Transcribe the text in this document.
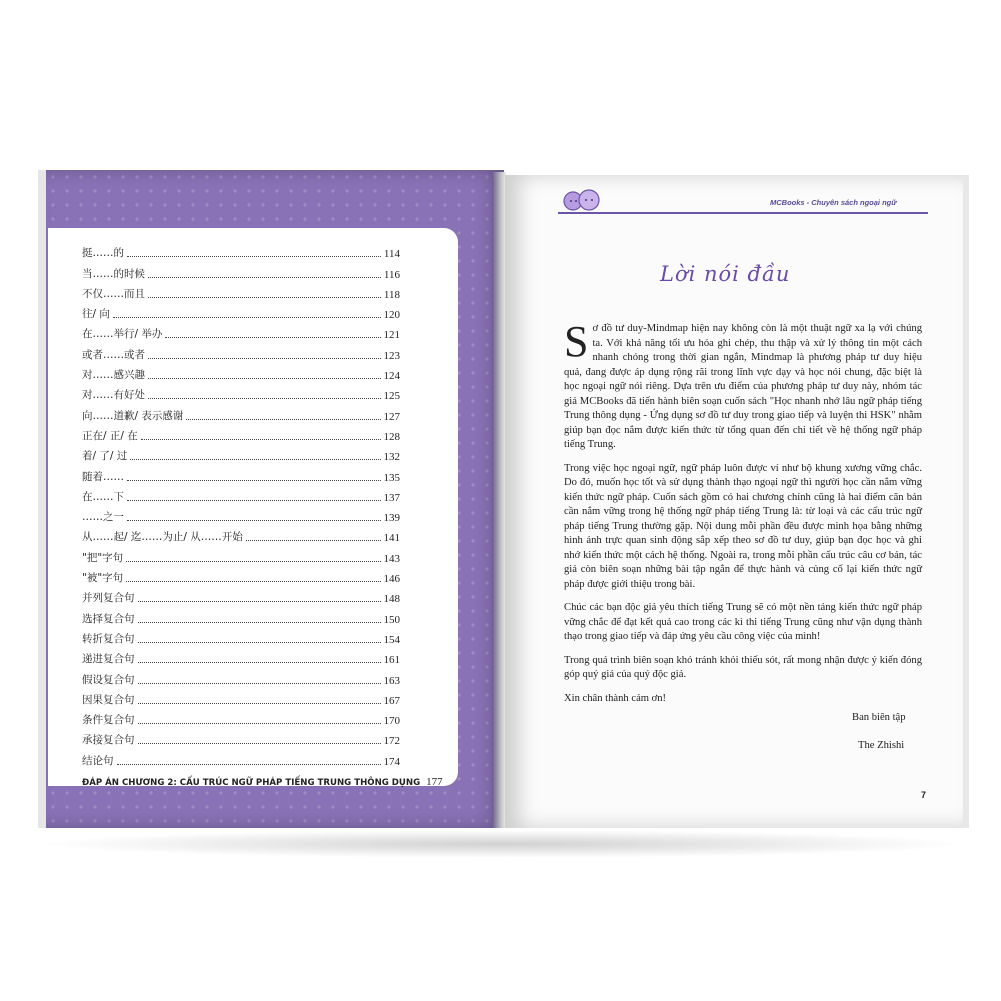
挺……的	114
当……的时候	116
不仅……而且	118
往/ 向	120
在……举行/ 举办	121
或者……或者	123
对……感兴趣	124
对……有好处	125
向……道歉/ 表示感谢	127
正在/ 正/ 在	128
着/ 了/ 过	132
随着……	135
在……下	137
……之一	139
从……起/ 迄……为止/ 从……开始	141
"把"字句	143
"被"字句	146
并列复合句	148
选择复合句	150
转折复合句	154
递进复合句	161
假设复合句	163
因果复合句	167
条件复合句	170
承接复合句	172
结论句	174
ĐÁP ÁN CHƯƠNG 2: CẤU TRÚC NGỮ PHÁP TIẾNG TRUNG THÔNG DỤNG 177
MCBooks - Chuyên sách ngoại ngữ
Lời nói đầu

Sơ đồ tư duy-Mindmap hiện nay không còn là một thuật ngữ xa lạ với chúng ta. Với khả năng tối ưu hóa ghi chép, thu thập và xử lý thông tin một cách nhanh chóng trong thời gian ngắn, Mindmap là phương pháp tư duy hiệu quả, đang được áp dụng rộng rãi trong lĩnh vực dạy và học nói chung, đặc biệt là học ngoại ngữ nói riêng. Dựa trên ưu điểm của phương pháp tư duy này, nhóm tác giả MCBooks đã tiến hành biên soạn cuốn sách "Học nhanh nhớ lâu ngữ pháp tiếng Trung thông dụng - Ứng dụng sơ đồ tư duy trong giao tiếp và luyện thi HSK" nhằm giúp bạn đọc nắm được kiến thức từ tổng quan đến chi tiết về hệ thống ngữ pháp tiếng Trung.

Trong việc học ngoại ngữ, ngữ pháp luôn được ví như bộ khung xương vững chắc. Do đó, muốn học tốt và sử dụng thành thạo ngoại ngữ thì người học cần nắm vững kiến thức ngữ pháp. Cuốn sách gồm có hai chương chính cũng là hai điểm căn bản cần nắm vững trong hệ thống ngữ pháp tiếng Trung là: từ loại và các cấu trúc ngữ pháp tiếng Trung thường gặp. Nội dung mỗi phần đều được minh họa bằng những hình ảnh trực quan sinh động sắp xếp theo sơ đồ tư duy, giúp bạn đọc học và ghi nhớ kiến thức một cách hệ thống. Ngoài ra, trong mỗi phần cấu trúc câu cơ bản, tác giả còn biên soạn những bài tập ngắn để thực hành và củng cố lại kiến thức ngữ pháp được giới thiệu trong bài.

Chúc các bạn độc giả yêu thích tiếng Trung sẽ có một nền tảng kiến thức ngữ pháp vững chắc để đạt kết quả cao trong các kì thi tiếng Trung cũng như vận dụng thành thạo trong giao tiếp và đáp ứng yêu cầu công việc của mình!

Trong quá trình biên soạn khó tránh khỏi thiếu sót, rất mong nhận được ý kiến đóng góp quý giá của quý độc giả.

Xin chân thành cảm ơn!

Ban biên tập
The Zhishi
7
